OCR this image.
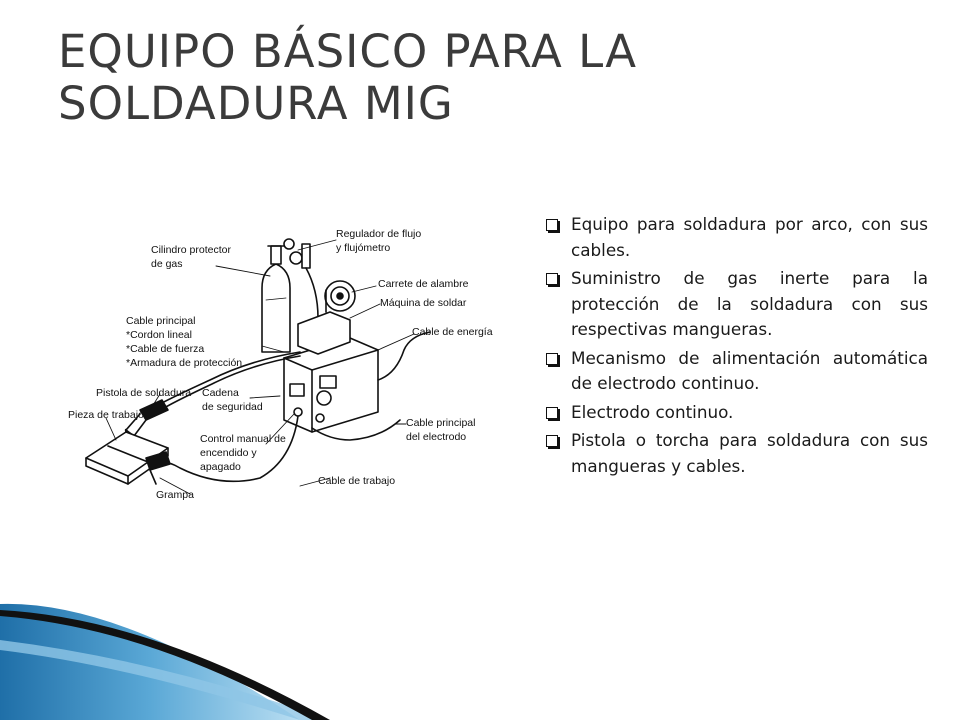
EQUIPO BÁSICO PARA LA
SOLDADURA MIG
Cilindro protector
de gas
Regulador de flujo
y flujómetro
Carrete de alambre
Máquina de soldar
Cable de energía
Cable principal
*Cordon lineal
*Cable de fuerza
*Armadura de protección
Pistola de soldadura
Pieza de trabajo
Cadena
de seguridad
Control manual de
encendido y
apagado
Cable principal
del electrodo
Cable de trabajo
Grampa
Equipo para soldadura por arco, con sus cables.
Suministro de gas inerte para la protección de la soldadura con sus respectivas mangueras.
Mecanismo de alimentación automática de electrodo continuo.
Electrodo continuo.
Pistola o torcha para soldadura con sus mangueras y cables.
